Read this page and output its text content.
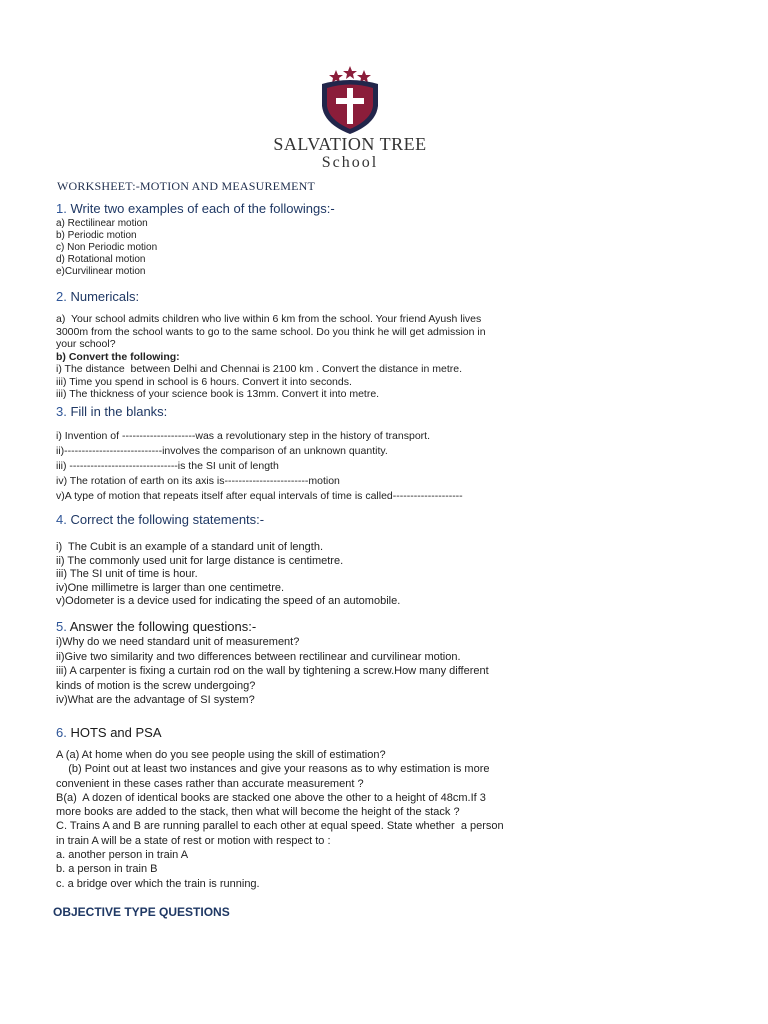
SALVATION TREE
School
WORKSHEET:-MOTION AND MEASUREMENT
1. Write two examples of each of the followings:-
a) Rectilinear motion
b) Periodic motion
c) Non Periodic motion
d) Rotational motion
e)Curvilinear motion
2. Numericals:
a)  Your school admits children who live within 6 km from the school. Your friend Ayush lives
3000m from the school wants to go to the same school. Do you think he will get admission in
your school?
b) Convert the following:
i) The distance  between Delhi and Chennai is 2100 km . Convert the distance in metre.
iii) Time you spend in school is 6 hours. Convert it into seconds.
iii) The thickness of your science book is 13mm. Convert it into metre.
3. Fill in the blanks:
i) Invention of ---------------------was a revolutionary step in the history of transport.
ii)----------------------------involves the comparison of an unknown quantity.
iii) -------------------------------is the SI unit of length
iv) The rotation of earth on its axis is------------------------motion
v)A type of motion that repeats itself after equal intervals of time is called--------------------
4. Correct the following statements:-
i)  The Cubit is an example of a standard unit of length.
ii) The commonly used unit for large distance is centimetre.
iii) The SI unit of time is hour.
iv)One millimetre is larger than one centimetre.
v)Odometer is a device used for indicating the speed of an automobile.
5. Answer the following questions:-
i)Why do we need standard unit of measurement?
ii)Give two similarity and two differences between rectilinear and curvilinear motion.
iii) A carpenter is fixing a curtain rod on the wall by tightening a screw.How many different
kinds of motion is the screw undergoing?
iv)What are the advantage of SI system?
6. HOTS and PSA
A (a) At home when do you see people using the skill of estimation?
(b) Point out at least two instances and give your reasons as to why estimation is more
convenient in these cases rather than accurate measurement ?
B(a)  A dozen of identical books are stacked one above the other to a height of 48cm.If 3
more books are added to the stack, then what will become the height of the stack ?
C. Trains A and B are running parallel to each other at equal speed. State whether  a person
in train A will be a state of rest or motion with respect to :
a. another person in train A
b. a person in train B
c. a bridge over which the train is running.
OBJECTIVE TYPE QUESTIONS
